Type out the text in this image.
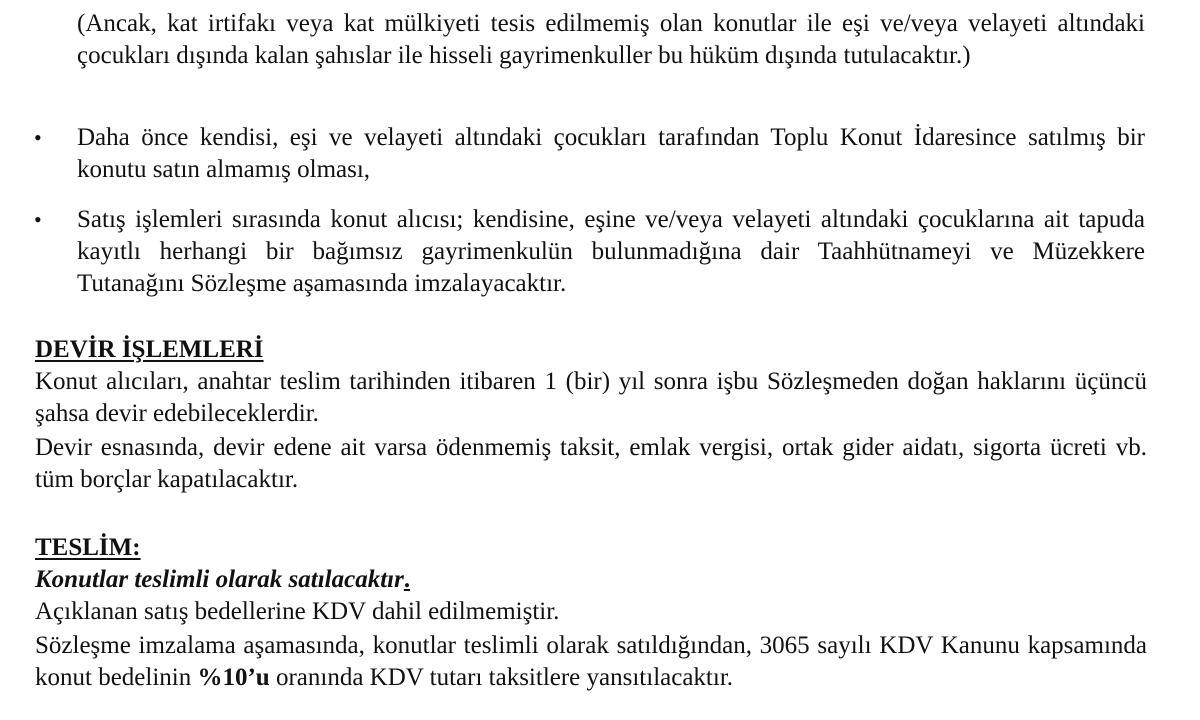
(Ancak, kat irtifakı veya kat mülkiyeti tesis edilmemiş olan konutlar ile eşi ve/veya velayeti altındaki çocukları dışında kalan şahıslar ile hisseli gayrimenkuller bu hüküm dışında tutulacaktır.)

• Daha önce kendisi, eşi ve velayeti altındaki çocukları tarafından Toplu Konut İdaresince satılmış bir konutu satın almamış olması,

• Satış işlemleri sırasında konut alıcısı; kendisine, eşine ve/veya velayeti altındaki çocuklarına ait tapuda kayıtlı herhangi bir bağımsız gayrimenkulün bulunmadığına dair Taahhütnameyi ve Müzekkere Tutanağını Sözleşme aşamasında imzalayacaktır.

DEVİR İŞLEMLERİ

Konut alıcıları, anahtar teslim tarihinden itibaren 1 (bir) yıl sonra işbu Sözleşmeden doğan haklarını üçüncü şahsa devir edebileceklerdir.

Devir esnasında, devir edene ait varsa ödenmemiş taksit, emlak vergisi, ortak gider aidatı, sigorta ücreti vb. tüm borçlar kapatılacaktır.

TESLİM:

Konutlar teslimli olarak satılacaktır.

Açıklanan satış bedellerine KDV dahil edilmemiştir.

Sözleşme imzalama aşamasında, konutlar teslimli olarak satıldığından, 3065 sayılı KDV Kanunu kapsamında konut bedelinin %10’u oranında KDV tutarı taksitlere yansıtılacaktır.
